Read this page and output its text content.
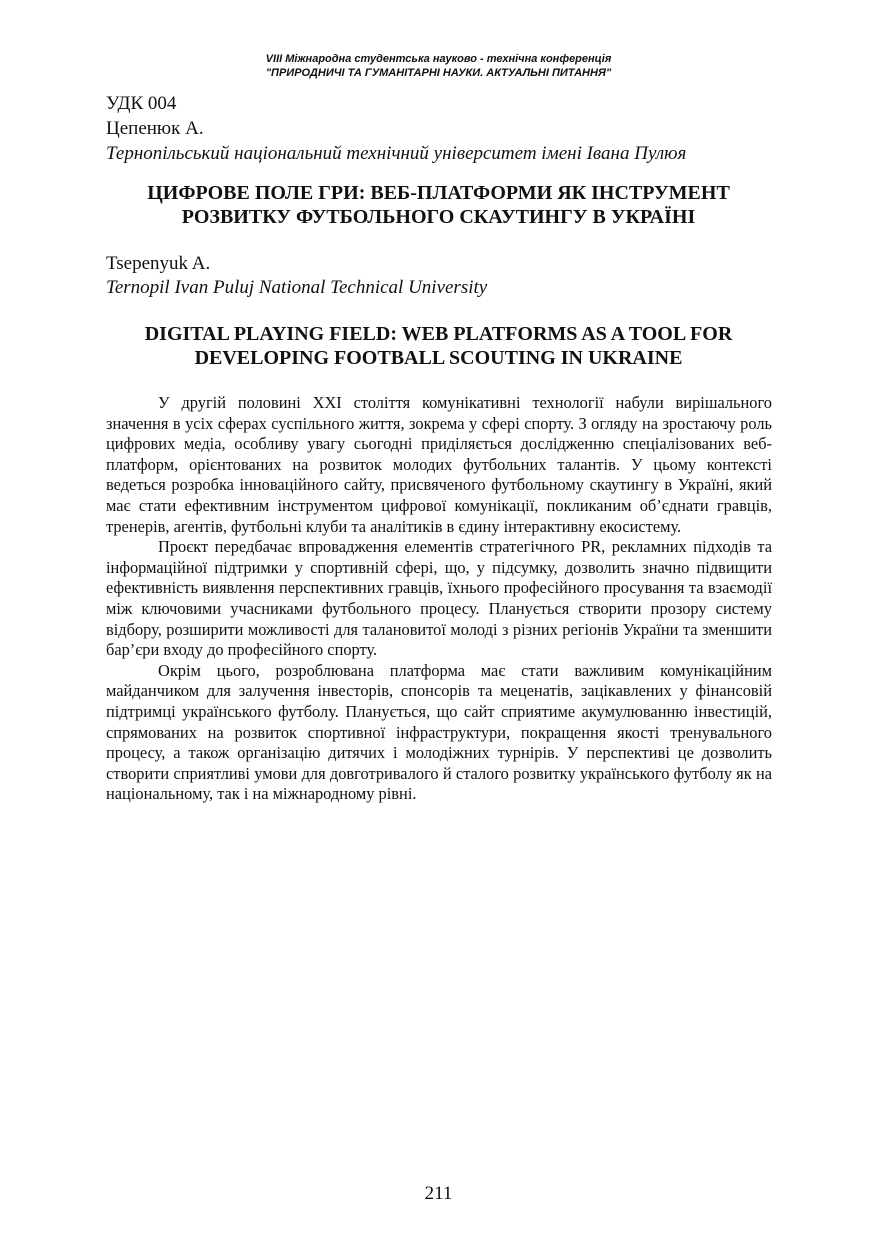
VIII Міжнародна студентська науково - технічна конференція
"ПРИРОДНИЧІ ТА ГУМАНІТАРНІ НАУКИ. АКТУАЛЬНІ ПИТАННЯ"
УДК 004
Цепенюк А.
Тернопільський національний технічний університет імені Івана Пулюя
ЦИФРОВЕ ПОЛЕ ГРИ: ВЕБ-ПЛАТФОРМИ ЯК ІНСТРУМЕНТ
РОЗВИТКУ ФУТБОЛЬНОГО СКАУТИНГУ В УКРАЇНІ
Tsepenyuk A.
Ternopil Ivan Puluj National Technical University
DIGITAL PLAYING FIELD: WEB PLATFORMS AS A TOOL FOR
DEVELOPING FOOTBALL SCOUTING IN UKRAINE

У другій половині XXI століття комунікативні технології набули вирішального значення в усіх сферах суспільного життя, зокрема у сфері спорту. З огляду на зростаючу роль цифрових медіа, особливу увагу сьогодні приділяється дослідженню спеціалізованих веб-платформ, орієнтованих на розвиток молодих футбольних талантів. У цьому контексті ведеться розробка інноваційного сайту, присвяченого футбольному скаутингу в Україні, який має стати ефективним інструментом цифрової комунікації, покликаним об’єднати гравців, тренерів, агентів, футбольні клуби та аналітиків в єдину інтерактивну екосистему.

Проєкт передбачає впровадження елементів стратегічного PR, рекламних підходів та інформаційної підтримки у спортивній сфері, що, у підсумку, дозволить значно підвищити ефективність виявлення перспективних гравців, їхнього професійного просування та взаємодії між ключовими учасниками футбольного процесу. Планується створити прозору систему відбору, розширити можливості для талановитої молоді з різних регіонів України та зменшити бар’єри входу до професійного спорту.

Окрім цього, розроблювана платформа має стати важливим комунікаційним майданчиком для залучення інвесторів, спонсорів та меценатів, зацікавлених у фінансовій підтримці українського футболу. Планується, що сайт сприятиме акумулюванню інвестицій, спрямованих на розвиток спортивної інфраструктури, покращення якості тренувального процесу, а також організацію дитячих і молодіжних турнірів. У перспективі це дозволить створити сприятливі умови для довготривалого й сталого розвитку українського футболу як на національному, так і на міжнародному рівні.

211
